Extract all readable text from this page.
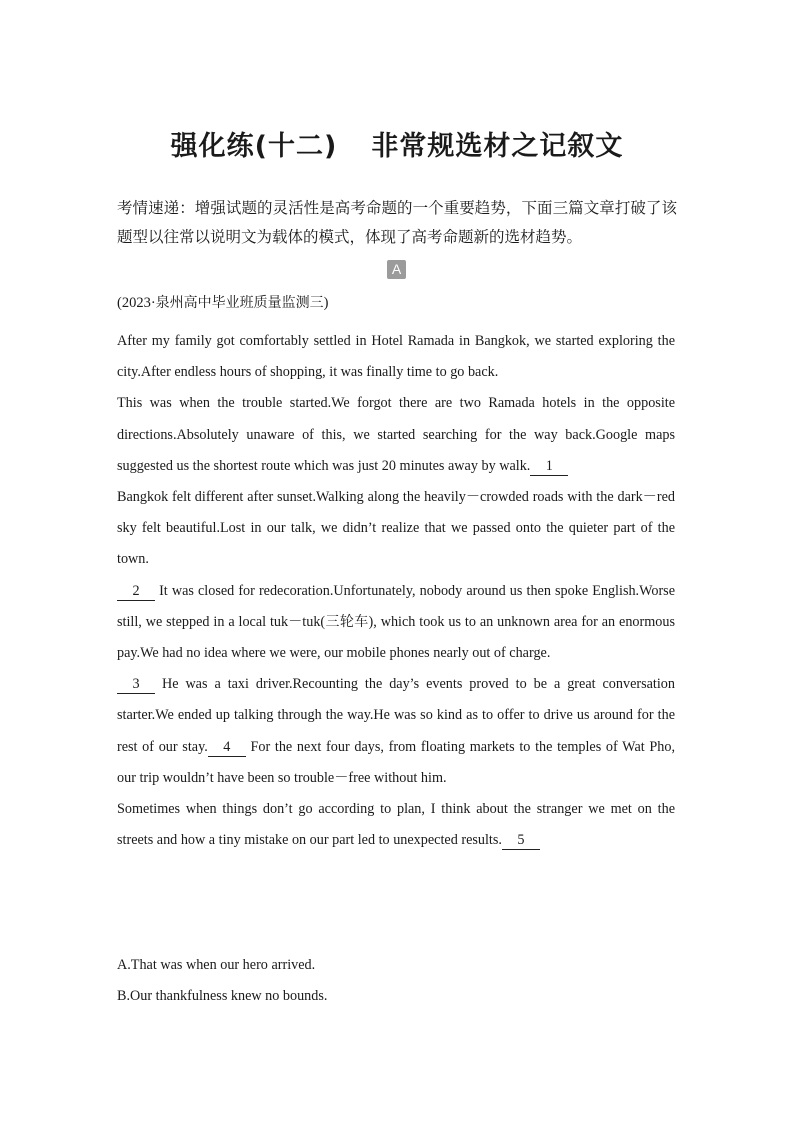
强化练(十二) 非常规选材之记叙文
考情速递：增强试题的灵活性是高考命题的一个重要趋势，下面三篇文章打破了该题型以往常以说明文为载体的模式，体现了高考命题新的选材趋势。
A
(2023·泉州高中毕业班质量监测三)

After my family got comfortably settled in Hotel Ramada in Bangkok, we started exploring the city.After endless hours of shopping, it was finally time to go back.

This was when the trouble started.We forgot there are two Ramada hotels in the opposite directions.Absolutely unaware of this, we started searching for the way back.Google maps suggested us the shortest route which was just 20 minutes away by walk. 1

Bangkok felt different after sunset.Walking along the heavily－crowded roads with the dark－red sky felt beautiful.Lost in our talk, we didn’t realize that we passed onto the quieter part of the town.

2 It was closed for redecoration.Unfortunately, nobody around us then spoke English.Worse still, we stepped in a local tuk－tuk(三轮车), which took us to an unknown area for an enormous pay.We had no idea where we were, our mobile phones nearly out of charge.

3 He was a taxi driver.Recounting the day’s events proved to be a great conversation starter.We ended up talking through the way.He was so kind as to offer to drive us around for the rest of our stay. 4 For the next four days, from floating markets to the temples of Wat Pho, our trip wouldn’t have been so trouble－free without him.

Sometimes when things don’t go according to plan, I think about the stranger we met on the streets and how a tiny mistake on our part led to unexpected results. 5

A.That was when our hero arrived.

B.Our thankfulness knew no bounds.
